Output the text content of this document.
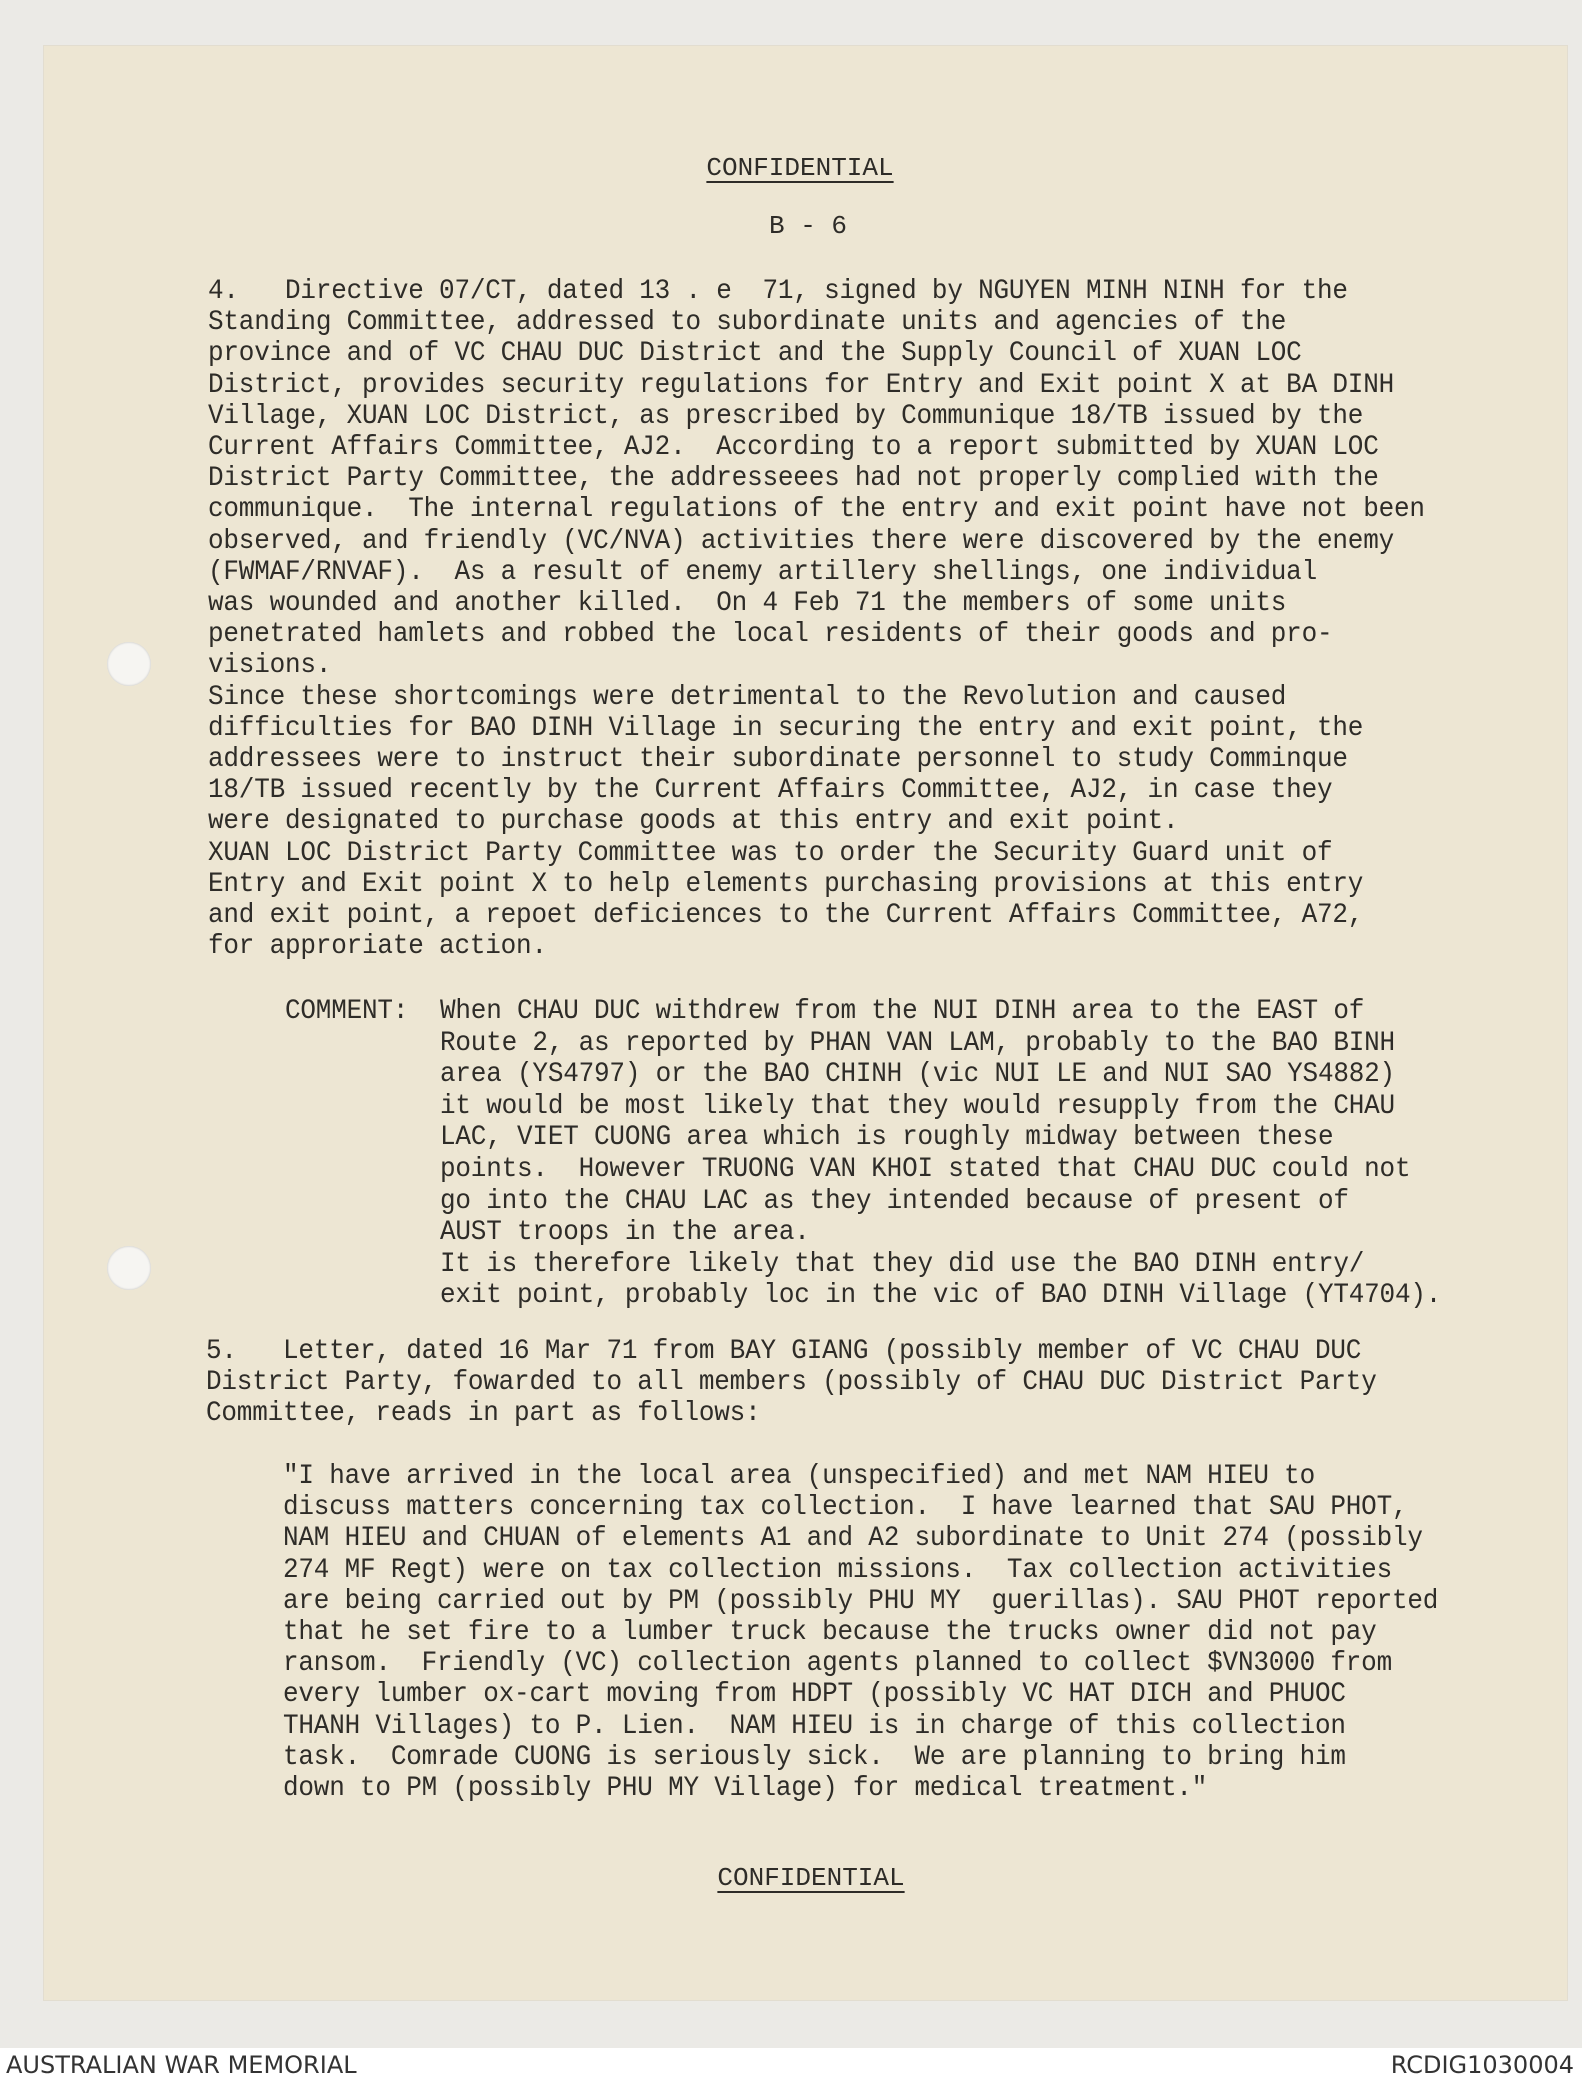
CONFIDENTIAL
B - 6
4.   Directive 07/CT, dated 13 . e  71, signed by NGUYEN MINH NINH for the
Standing Committee, addressed to subordinate units and agencies of the
province and of VC CHAU DUC District and the Supply Council of XUAN LOC
District, provides security regulations for Entry and Exit point X at BA DINH
Village, XUAN LOC District, as prescribed by Communique 18/TB issued by the
Current Affairs Committee, AJ2.  According to a report submitted by XUAN LOC
District Party Committee, the addresseees had not properly complied with the
communique.  The internal regulations of the entry and exit point have not been
observed, and friendly (VC/NVA) activities there were discovered by the enemy
(FWMAF/RNVAF).  As a result of enemy artillery shellings, one individual
was wounded and another killed.  On 4 Feb 71 the members of some units
penetrated hamlets and robbed the local residents of their goods and pro-
visions.
Since these shortcomings were detrimental to the Revolution and caused
difficulties for BAO DINH Village in securing the entry and exit point, the
addressees were to instruct their subordinate personnel to study Comminque
18/TB issued recently by the Current Affairs Committee, AJ2, in case they
were designated to purchase goods at this entry and exit point.
XUAN LOC District Party Committee was to order the Security Guard unit of
Entry and Exit point X to help elements purchasing provisions at this entry
and exit point, a repoet deficiences to the Current Affairs Committee, A72,
for approriate action.
COMMENT: When CHAU DUC withdrew from the NUI DINH area to the EAST of
Route 2, as reported by PHAN VAN LAM, probably to the BAO BINH
area (YS4797) or the BAO CHINH (vic NUI LE and NUI SAO YS4882)
it would be most likely that they would resupply from the CHAU
LAC, VIET CUONG area which is roughly midway between these
points.  However TRUONG VAN KHOI stated that CHAU DUC could not
go into the CHAU LAC as they intended because of present of
AUST troops in the area.
It is therefore likely that they did use the BAO DINH entry/
exit point, probably loc in the vic of BAO DINH Village (YT4704).
5.   Letter, dated 16 Mar 71 from BAY GIANG (possibly member of VC CHAU DUC
District Party, fowarded to all members (possibly of CHAU DUC District Party
Committee, reads in part as follows:
"I have arrived in the local area (unspecified) and met NAM HIEU to
discuss matters concerning tax collection.  I have learned that SAU PHOT,
NAM HIEU and CHUAN of elements A1 and A2 subordinate to Unit 274 (possibly
274 MF Regt) were on tax collection missions.  Tax collection activities
are being carried out by PM (possibly PHU MY  guerillas). SAU PHOT reported
that he set fire to a lumber truck because the trucks owner did not pay
ransom.  Friendly (VC) collection agents planned to collect $VN3000 from
every lumber ox-cart moving from HDPT (possibly VC HAT DICH and PHUOC
THANH Villages) to P. Lien.  NAM HIEU is in charge of this collection
task.  Comrade CUONG is seriously sick.  We are planning to bring him
down to PM (possibly PHU MY Village) for medical treatment."
CONFIDENTIAL
AUSTRALIAN WAR MEMORIAL	RCDIG1030004
